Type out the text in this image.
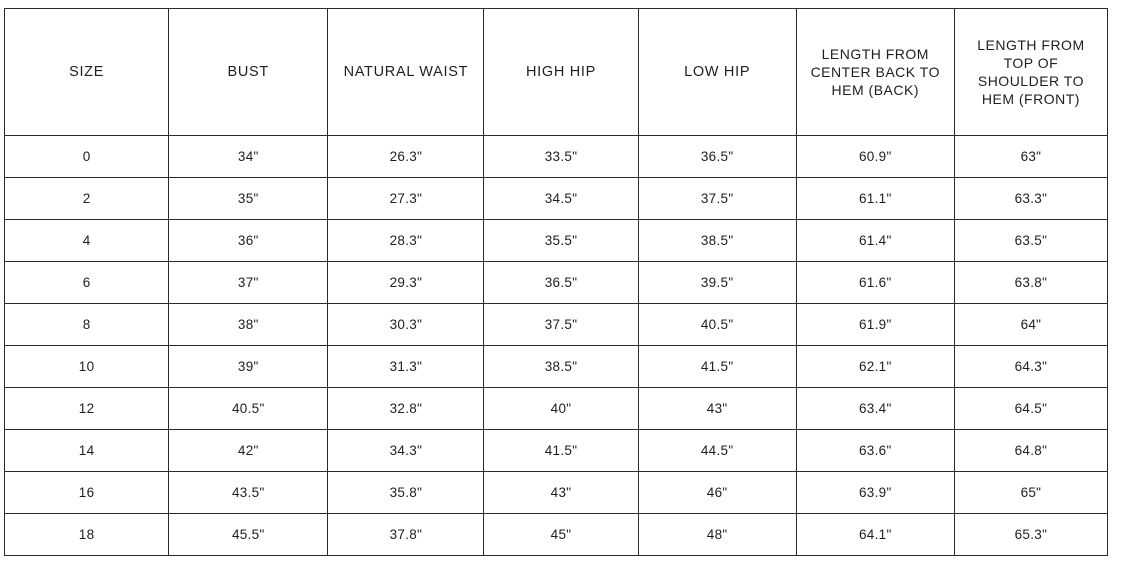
SIZE	BUST	NATURAL WAIST	HIGH HIP	LOW HIP	LENGTH FROM CENTER BACK TO HEM (BACK)	LENGTH FROM TOP OF SHOULDER TO HEM (FRONT)
0	34"	26.3"	33.5"	36.5"	60.9"	63"
2	35"	27.3"	34.5"	37.5"	61.1"	63.3"
4	36"	28.3"	35.5"	38.5"	61.4"	63.5"
6	37"	29.3"	36.5"	39.5"	61.6"	63.8"
8	38"	30.3"	37.5"	40.5"	61.9"	64"
10	39"	31.3"	38.5"	41.5"	62.1"	64.3"
12	40.5"	32.8"	40"	43"	63.4"	64.5"
14	42"	34.3"	41.5"	44.5"	63.6"	64.8"
16	43.5"	35.8"	43"	46"	63.9"	65"
18	45.5"	37.8"	45"	48"	64.1"	65.3"
